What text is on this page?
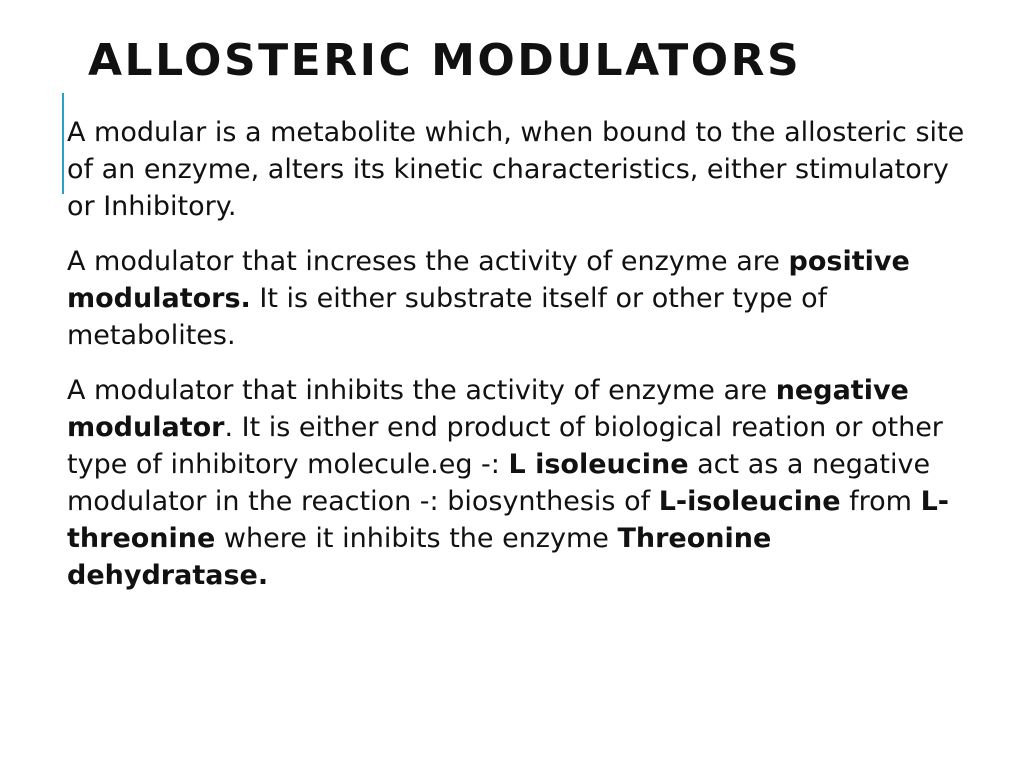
ALLOSTERIC MODULATORS

A modular is a metabolite which, when bound to the allosteric site of an enzyme, alters its kinetic characteristics, either stimulatory or Inhibitory.

A modulator that increses the activity of enzyme are positive modulators. It is either substrate itself or other type of metabolites.

A modulator that inhibits the activity of enzyme are negative modulator. It is either end product of biological reation or other type of inhibitory molecule.eg -: L isoleucine act as a negative modulator in the reaction -: biosynthesis of L-isoleucine from L-threonine where it inhibits the enzyme Threonine dehydratase.
